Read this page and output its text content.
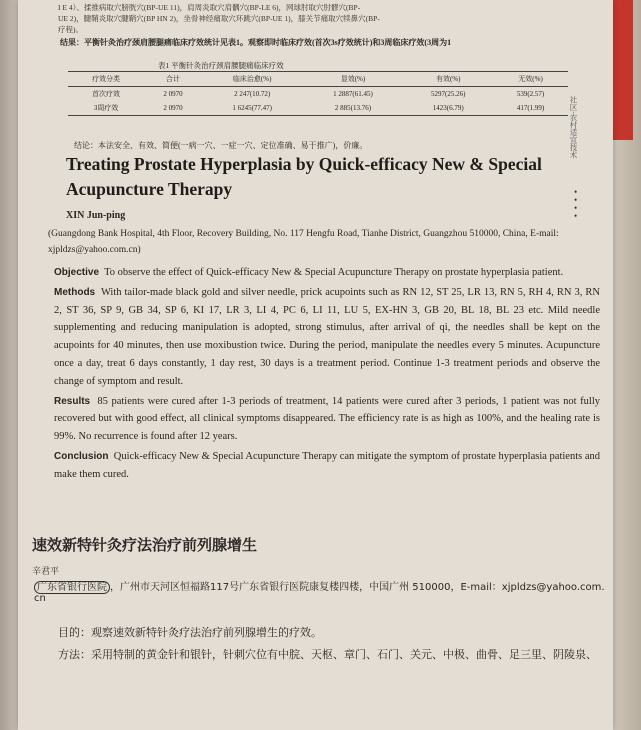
I E 4）、揉推病取穴膀胱穴(BP-UE 11)，肩周炎取穴肩髃穴(BP-LE 6)，网球肘取穴肘髎穴(BP-
UE 2)，腱鞘炎取穴腱鞘穴(BP HN 2)，坐骨神经痛取穴环跳穴(BP-UE 1)，膝关节痛取穴犊鼻穴(BP-
疗程)。
结果：平衡针灸治疗颈肩腰腿痛临床疗效统计见表1。观察即时临床疗效(首次3s疗效统计)和3周临床疗效(3周为1
表1 平衡针灸治疗颈肩腰腿痛临床疗效
疗效分类	合计	临床治愈(%)	显效(%)	有效(%)	无效(%)
首次疗效	2 0970	2 247(10.72)	1 2887(61.45)	5297(25.26)	539(2.57)
3周疗效	2 0970	1 6245(77.47)	2 885(13.76)	1423(6.79)	417(1.99)
结论：本法安全、有效、简便(一病一穴、一症一穴、定位准确、易于推广)，价廉。	社区·农村适宜技术
•
•
•
•
Treating Prostate Hyperplasia by Quick-efficacy New & Special Acupuncture Therapy
XIN Jun-ping
(Guangdong Bank Hospital, 4th Floor, Recovery Building, No. 117 Hengfu Road, Tianhe District, Guangzhou 510000, China, E-mail: xjpldzs@yahoo.com.cn)

Objective To observe the effect of Quick-efficacy New & Special Acupuncture Therapy on prostate hyperplasia patient.

Methods With tailor-made black gold and silver needle, prick acupoints such as RN 12, ST 25, LR 13, RN 5, RH 4, RN 3, RN 2, ST 36, SP 9, GB 34, SP 6, KI 17, LR 3, LI 4, PC 6, LI 11, LU 5, EX-HN 3, GB 20, BL 18, BL 23 etc. Mild needle supplementing and reducing manipulation is adopted, strong stimulus, after arrival of qi, the needles shall be kept on the acupoints for 40 minutes, then use moxibustion twice. During the period, manipulate the needles every 5 minutes. Acupuncture once a day, treat 6 days constantly, 1 day rest, 30 days is a treatment period. Continue 1-3 treatment periods and observe the change of symptom and result.

Results 85 patients were cured after 1-3 periods of treatment, 14 patients were cured after 3 periods, 1 patient was not fully recovered but with good effect, all clinical symptoms disappeared. The efficiency rate is as high as 100%, and the healing rate is 99%. No recurrence is found after 12 years.

Conclusion Quick-efficacy New & Special Acupuncture Therapy can mitigate the symptom of prostate hyperplasia patients and make them cured.

速效新特针灸疗法治疗前列腺增生
辛君平
广东省银行医院 ，广州市天河区恒福路117号广东省银行医院康复楼四楼，中国广州 510000，E-mail：xjpldzs@yahoo.com.
cn
目的：观察速效新特针灸疗法治疗前列腺增生的疗效。
方法：采用特制的黄金针和银针，针刺穴位有中脘、天枢、章门、石门、关元、中极、曲骨、足三里、阴陵泉、
